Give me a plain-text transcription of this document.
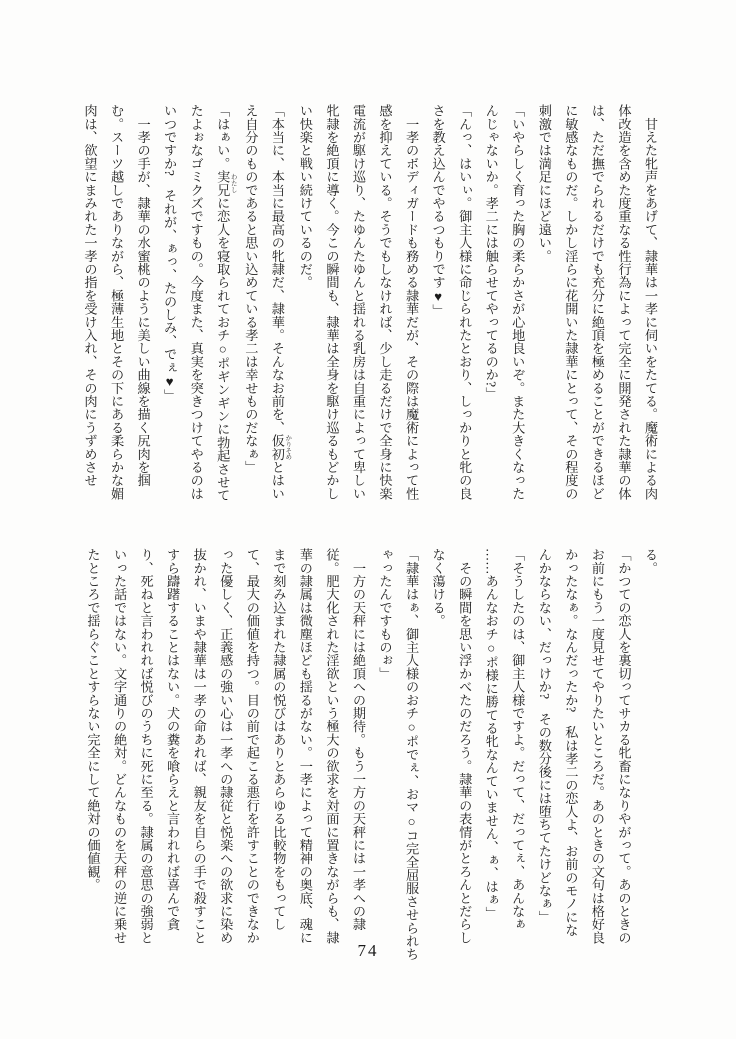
　甘えた牝声をあげて、隷華は一孝に伺いをたてる。魔術による肉

体改造を含めた度重なる性行為によって完全に開発された隷華の体

は、ただ撫でられるだけでも充分に絶頂を極めることができるほど

に敏感なものだ。しかし淫らに花開いた隷華にとって、その程度の

刺激では満足にほど遠い。

「いやらしく育った胸の柔らかさが心地良いぞ。また大きくなった

んじゃないか。孝二には触らせてやってるのか?」

「んっ、はいぃ。御主人様に命じられたとおり、しっかりと牝の良

さを教え込んでやるつもりです♥」

　一孝のボディガードも務める隷華だが、その際は魔術によって性

感を抑えている。そうでもしなければ、少し走るだけで全身に快楽

電流が駆け巡り、たゆんたゆんと揺れる乳房は自重によって卑しい

牝隷を絶頂に導く。今この瞬間も、隷華は全身を駆け巡るもどかし

い快楽と戦い続けているのだ。

「本当に、本当に最高の牝隷だ、隷華。そんなお前を、仮初 かりそめとはい

え自分のものであると思い込めている孝二は幸せものだなぁ」

「はぁい。実兄 わたしに恋人を寝取られておチ○ポギンギンに勃起させて

たよぉなゴミクズですもの。今度また、真実を突きつけてやるのは

いつですか?　それが、ぁっ、たのしみ、でぇ♥」

　一孝の手が、隷華の水蜜桃のように美しい曲線を描く尻肉を掴

む。スーツ越しでありながら、極薄生地とその下にある柔らかな媚

肉は、欲望にまみれた一孝の指を受け入れ、その肉にうずめさせ

る。

「かつての恋人を裏切ってサカる牝畜になりやがって。あのときの

お前にもう一度見せてやりたいところだ。あのときの文句は格好良

かったなぁ。なんだったか?　私は孝二の恋人よ、お前のモノにな

んかならない、だっけか?　その数分後には堕ちてたけどなぁ」

「そうしたのは、御主人様ですよ。だって、だってぇ、あんなぁ

……あんなおチ○ポ様に勝てる牝なんていません、ぁ、はぁ」

　その瞬間を思い浮かべたのだろう。隷華の表情がとろんとだらし

なく蕩ける。

「隷華はぁ、御主人様のおチ○ポでぇ、おマ○コ完全屈服させられち

ゃったんですものぉ」

　一方の天秤には絶頂への期待。もう一方の天秤には一孝への隷

従。肥大化された淫欲という極大の欲求を対面に置きながらも、隷

華の隷属は微塵ほども揺るがない。一孝によって精神の奥底、魂に

まで刻み込まれた隷属の悦びはありとあらゆる比較物をもってし

て、最大の価値を持つ。目の前で起こる悪行を許すことのできなか

った優しく、正義感の強い心は一孝への隷従と悦楽への欲求に染め

抜かれ、いまや隷華は一孝の命あれば、親友を自らの手で殺すこと

すら躊躇することはない。犬の糞を喰らえと言われれば喜んで貪

り、死ねと言われれば悦びのうちに死に至る。隷属の意思の強弱と

いった話ではない。文字通りの絶対。どんなものを天秤の逆に乗せ

たところで揺らぐことすらない完全にして絶対の価値観。

74
